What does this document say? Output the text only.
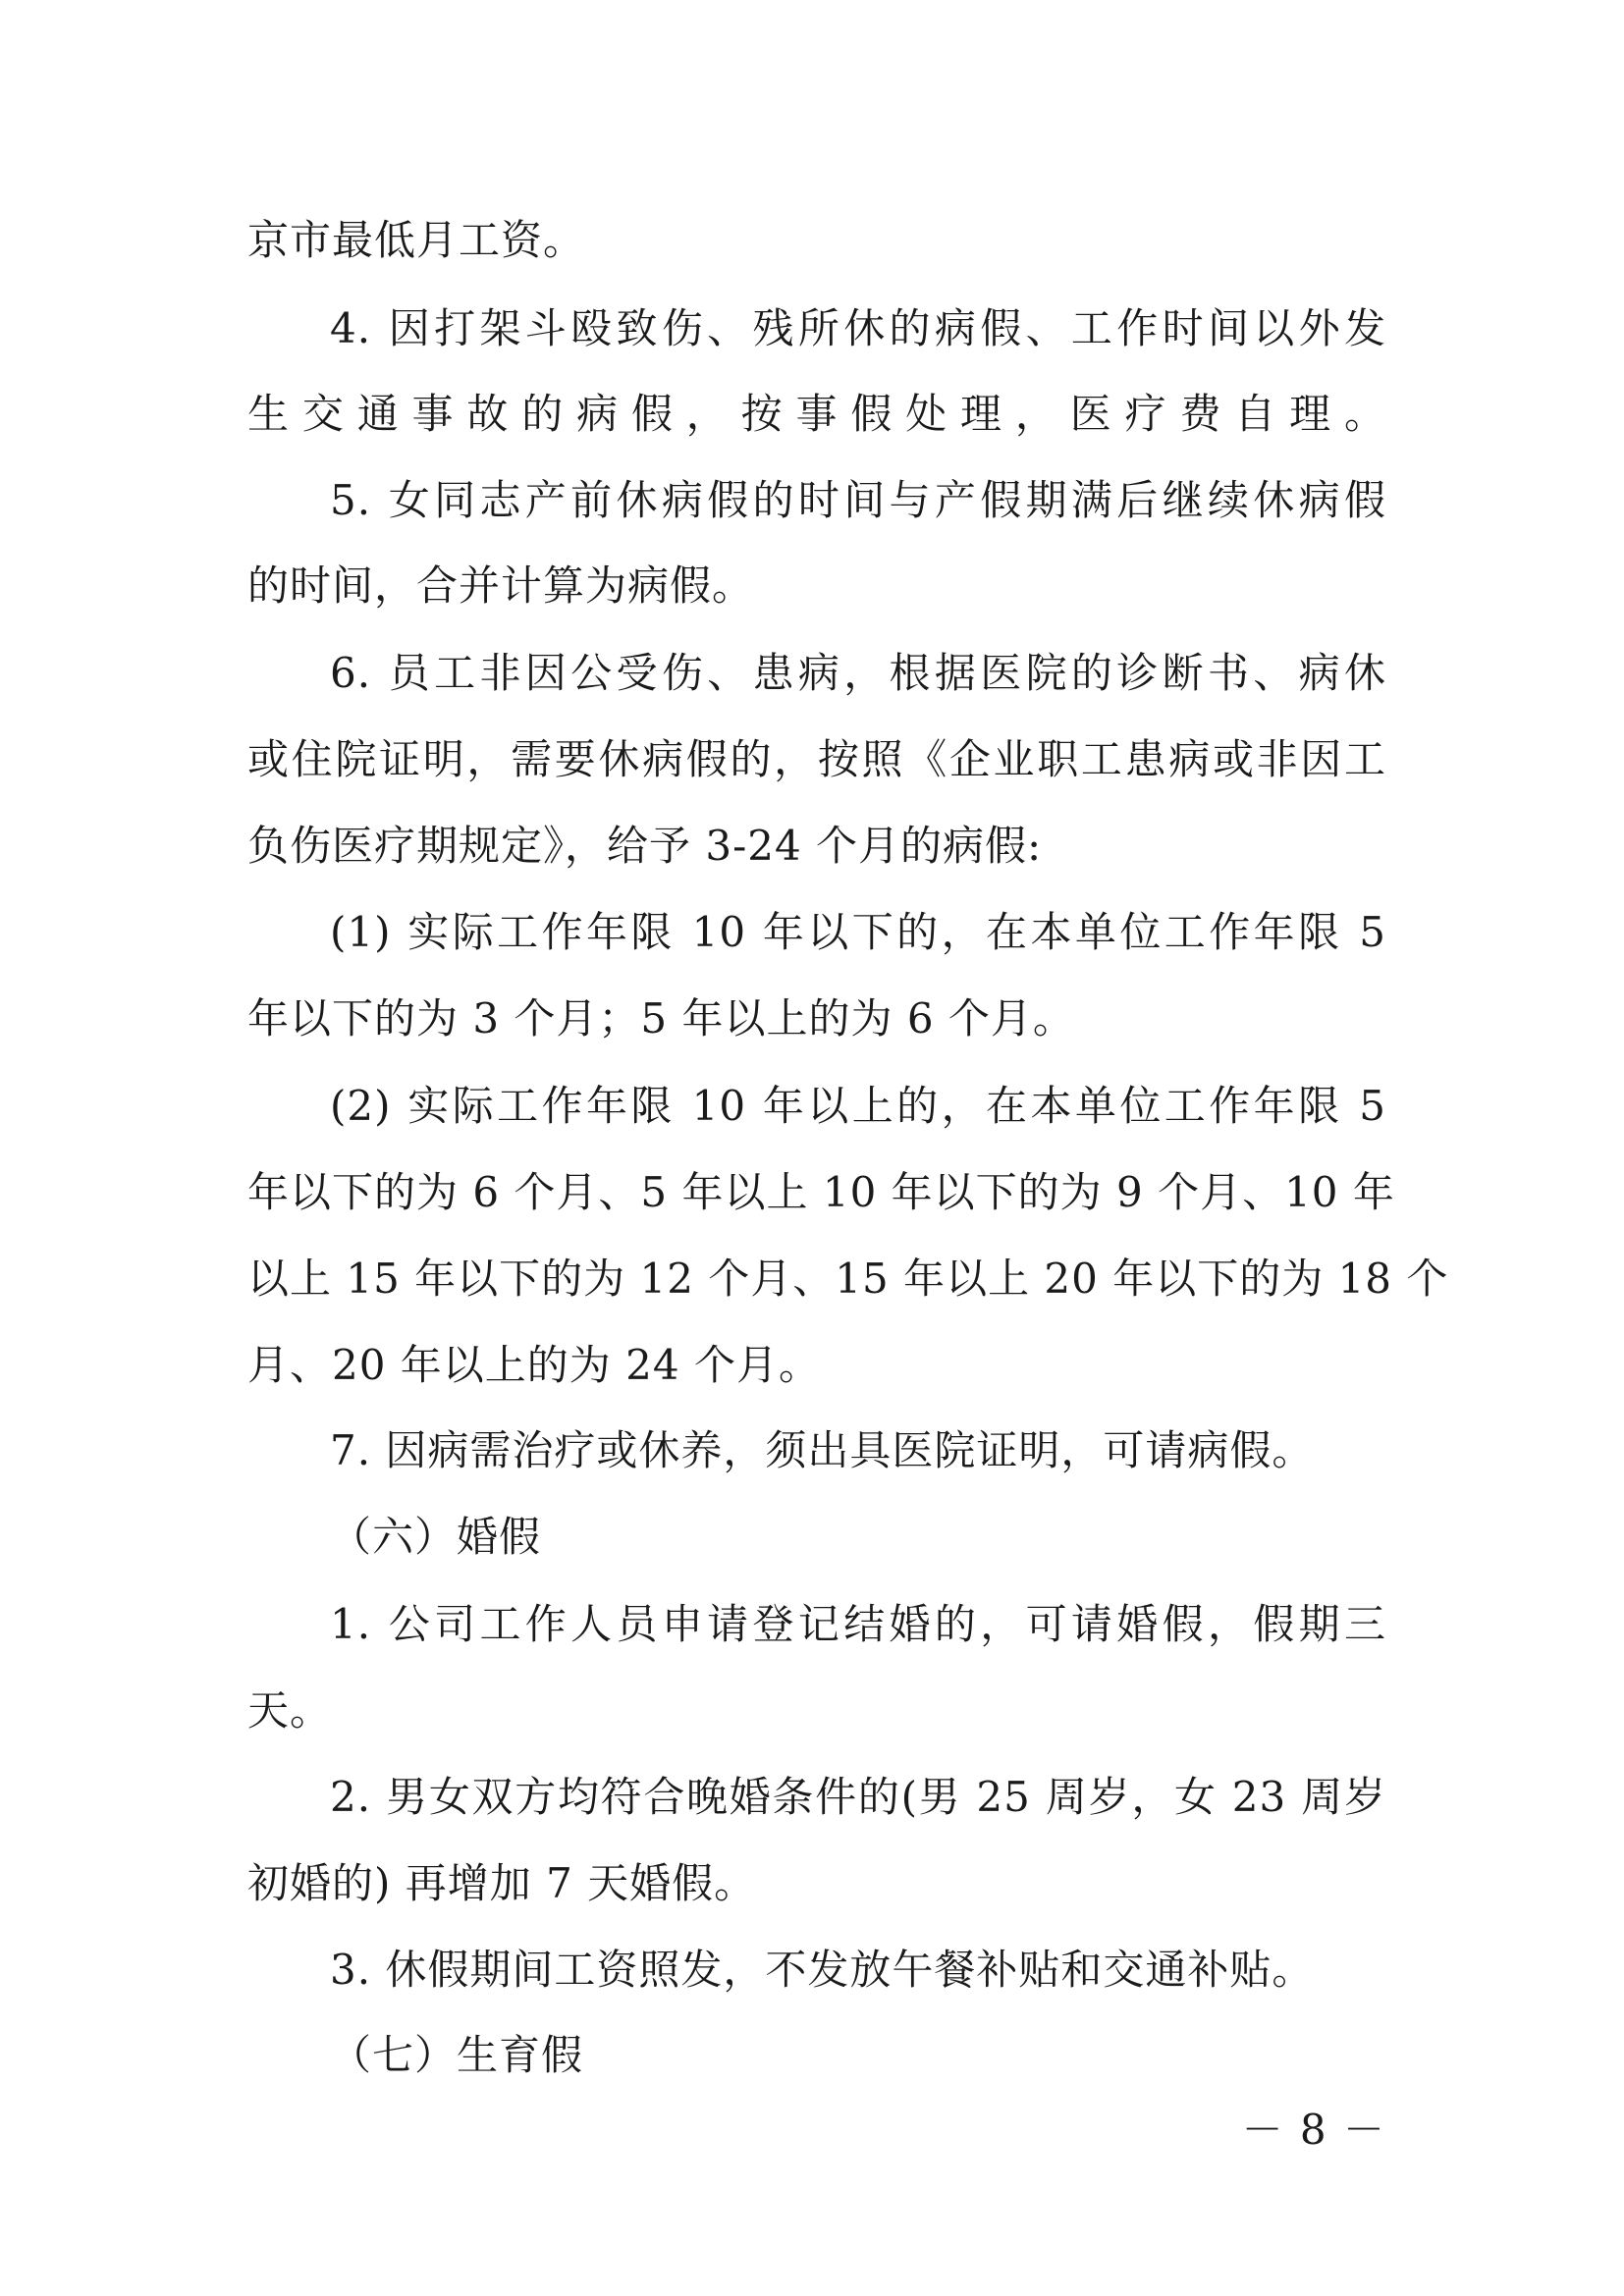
京市最低月工资。
4. 因打架斗殴致伤、残所休的病假、工作时间以外发
生交通事故的病假，按事假处理，医疗费自理。
5. 女同志产前休病假的时间与产假期满后继续休病假
的时间，合并计算为病假。
6. 员工非因公受伤、患病，根据医院的诊断书、病休
或住院证明，需要休病假的，按照《企业职工患病或非因工
负伤医疗期规定》，给予 3-24 个月的病假:
(1) 实际工作年限 10 年以下的，在本单位工作年限 5
年以下的为 3 个月；5 年以上的为 6 个月。
(2) 实际工作年限 10 年以上的，在本单位工作年限 5
年以下的为 6 个月、5 年以上 10 年以下的为 9 个月、10 年
以上 15 年以下的为 12 个月、15 年以上 20 年以下的为 18 个
月、20 年以上的为 24 个月。
7. 因病需治疗或休养，须出具医院证明，可请病假。
（六）婚假
1. 公司工作人员申请登记结婚的，可请婚假，假期三
天。
2. 男女双方均符合晚婚条件的(男 25 周岁，女 23 周岁
初婚的) 再增加 7 天婚假。
3. 休假期间工资照发，不发放午餐补贴和交通补贴。
（七）生育假
－ 8 －
